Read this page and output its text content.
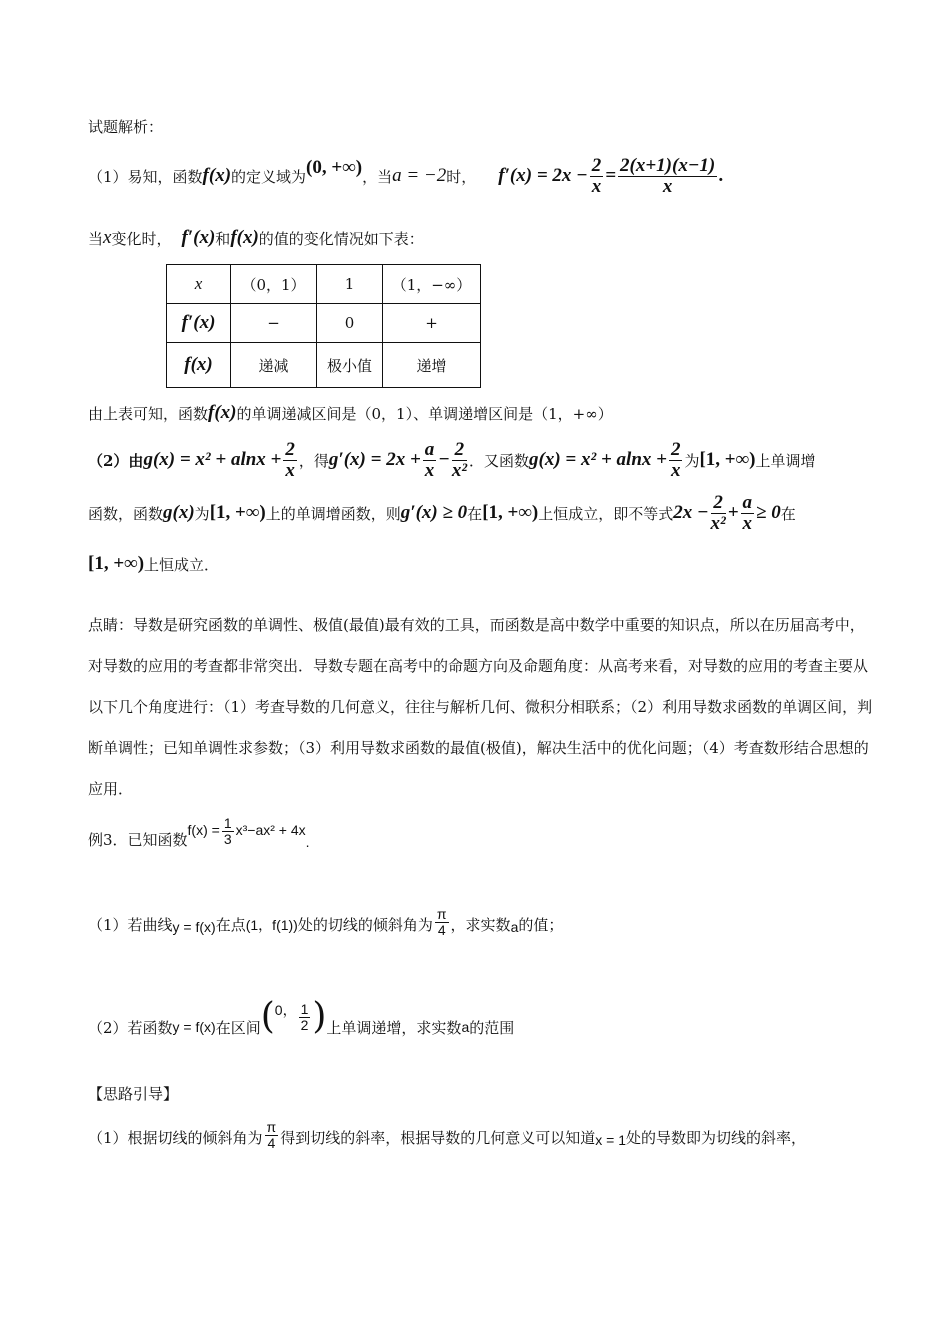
试题解析：
（1）易知，函数 f(x) 的定义域为 (0, +∞) ，当 a = −2 时， $f'(x) = 2x - \frac{2}{x} = \frac{2(x+1)(x-1)}{x}$ .
当 x 变化时， f′(x) 和 f(x) 的值的变化情况如下表：
x	（0，1）	1	（1，−∞）
f′(x)	−	0	+
f(x)	递减	极小值	递增
由上表可知，函数 f(x) 的单调递减区间是（0，1）、单调递增区间是（1，+∞）
（2）由 $g(x) = x^2 + alnx + \frac{2}{x}$ ，得 $g'(x) = 2x + \frac{a}{x} - \frac{2}{\text{x²}}$ ．又函数 $g(x) = x^2 + alnx + \frac{2}{x}$ 为 [1, +∞) 上单调增
函数，函数 g(x) 为 [1, +∞) 上的单调增函数，则 g′(x) ≥ 0 在 [1, +∞) 上恒成立，即不等式 $2x - \frac{2}{\text{x²}} + \frac{a}{x} \ge 0$ 在
[1, +∞) 上恒成立．
点睛：导数是研究函数的单调性、极值(最值)最有效的工具，而函数是高中数学中重要的知识点，所以在历届高考中，对导数的应用的考查都非常突出．导数专题在高考中的命题方向及命题角度：从高考来看，对导数的应用的考查主要从以下几个角度进行：（1）考查导数的几何意义，往往与解析几何、微积分相联系；（2）利用导数求函数的单调区间，判断单调性；已知单调性求参数；（3）利用导数求函数的最值(极值)，解决生活中的优化问题；（4）考查数形结合思想的应用．
例3．已知函数
$f(x) = \frac{1}{3} x^3-ax^2 + 4x$
.
（1）若曲线 y = f(x) 在点 (1，f(1)) 处的切线的倾斜角为 $\frac{\pi}{4}$ ，求实数 a 的值；
（2）若函数 y = f(x) 在区间 ( 0， $\frac{1}{2}$ ) 上单调递增，求实数 a 的范围
【思路引导】
（1）根据切线的倾斜角为 $\frac{\pi}{4}$ 得到切线的斜率，根据导数的几何意义可以知道 x = 1 处的导数即为切线的斜率，
